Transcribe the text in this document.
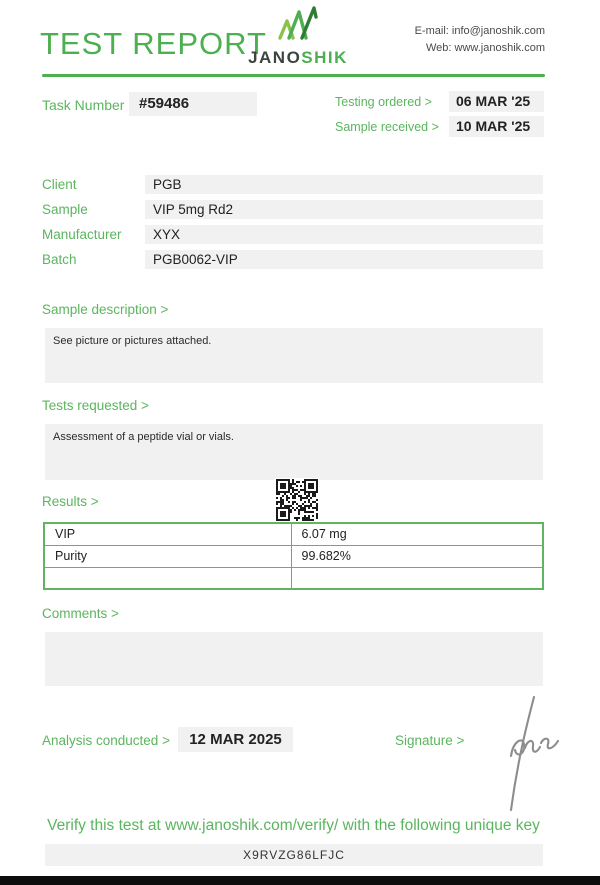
TEST REPORT
JANOSHIK
E-mail: info@janoshik.com
Web: www.janoshik.com
Task Number #59486	Testing ordered >	06 MAR '25
Sample received >	10 MAR '25
Client	PGB
Sample	VIP 5mg Rd2
Manufacturer	XYX
Batch	PGB0062-VIP
Sample description >
See picture or pictures attached.
Tests requested >
Assessment of a peptide vial or vials.
Results >
VIP	6.07 mg
Purity	99.682%

Comments >
Analysis conducted >	12 MAR 2025	Signature >
Verify this test at www.janoshik.com/verify/ with the following unique key
X9RVZG86LFJC
